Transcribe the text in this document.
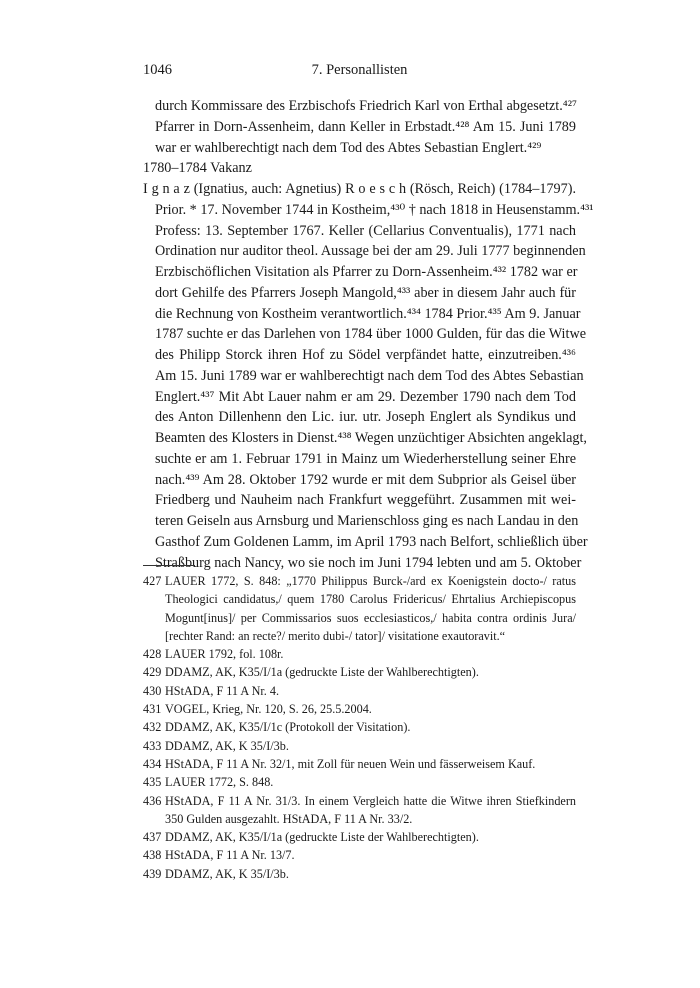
1046	7. Personallisten
durch Kommissare des Erzbischofs Friedrich Karl von Erthal abgesetzt.⁴²⁷
Pfarrer in Dorn-Assenheim, dann Keller in Erbstadt.⁴²⁸ Am 15. Juni 1789
war er wahlberechtigt nach dem Tod des Abtes Sebastian Englert.⁴²⁹
1780–1784 Vakanz
I g n a z (Ignatius, auch: Agnetius) R o e s c h (Rösch, Reich) (1784–1797).
Prior. * 17. November 1744 in Kostheim,⁴³⁰ † nach 1818 in Heusenstamm.⁴³¹
Profess: 13. September 1767. Keller (Cellarius Conventualis), 1771 nach
Ordination nur auditor theol. Aussage bei der am 29. Juli 1777 beginnenden
Erzbischöflichen Visitation als Pfarrer zu Dorn-Assenheim.⁴³² 1782 war er
dort Gehilfe des Pfarrers Joseph Mangold,⁴³³ aber in diesem Jahr auch für
die Rechnung von Kostheim verantwortlich.⁴³⁴ 1784 Prior.⁴³⁵ Am 9. Januar
1787 suchte er das Darlehen von 1784 über 1000 Gulden, für das die Witwe
des Philipp Storck ihren Hof zu Södel verpfändet hatte, einzutreiben.⁴³⁶
Am 15. Juni 1789 war er wahlberechtigt nach dem Tod des Abtes Sebastian
Englert.⁴³⁷ Mit Abt Lauer nahm er am 29. Dezember 1790 nach dem Tod
des Anton Dillenhenn den Lic. iur. utr. Joseph Englert als Syndikus und
Beamten des Klosters in Dienst.⁴³⁸ Wegen unzüchtiger Absichten angeklagt,
suchte er am 1. Februar 1791 in Mainz um Wiederherstellung seiner Ehre
nach.⁴³⁹ Am 28. Oktober 1792 wurde er mit dem Subprior als Geisel über
Friedberg und Nauheim nach Frankfurt weggeführt. Zusammen mit wei-
teren Geiseln aus Arnsburg und Marienschloss ging es nach Landau in den
Gasthof Zum Goldenen Lamm, im April 1793 nach Belfort, schließlich über
Straßburg nach Nancy, wo sie noch im Juni 1794 lebten und am 5. Oktober
427 LAUER 1772, S. 848: „1770 Philippus Burck-/ard ex Koenigstein docto-/ ratus
Theologici candidatus,/ quem 1780 Carolus Fridericus/ Ehrtalius Archiepiscopus
Mogunt[inus]/ per Commissarios suos ecclesiasticos,/ habita contra ordinis Jura/
[rechter Rand: an recte?/ merito dubi-/ tator]/ visitatione exautoravit.“
428 LAUER 1792, fol. 108r.
429 DDAMZ, AK, K35/I/1a (gedruckte Liste der Wahlberechtigten).
430 HStADA, F 11 A Nr. 4.
431 VOGEL, Krieg, Nr. 120, S. 26, 25.5.2004.
432 DDAMZ, AK, K35/I/1c (Protokoll der Visitation).
433 DDAMZ, AK, K 35/I/3b.
434 HStADA, F 11 A Nr. 32/1, mit Zoll für neuen Wein und fässerweisem Kauf.
435 LAUER 1772, S. 848.
436 HStADA, F 11 A Nr. 31/3. In einem Vergleich hatte die Witwe ihren Stiefkindern
350 Gulden ausgezahlt. HStADA, F 11 A Nr. 33/2.
437 DDAMZ, AK, K35/I/1a (gedruckte Liste der Wahlberechtigten).
438 HStADA, F 11 A Nr. 13/7.
439 DDAMZ, AK, K 35/I/3b.
